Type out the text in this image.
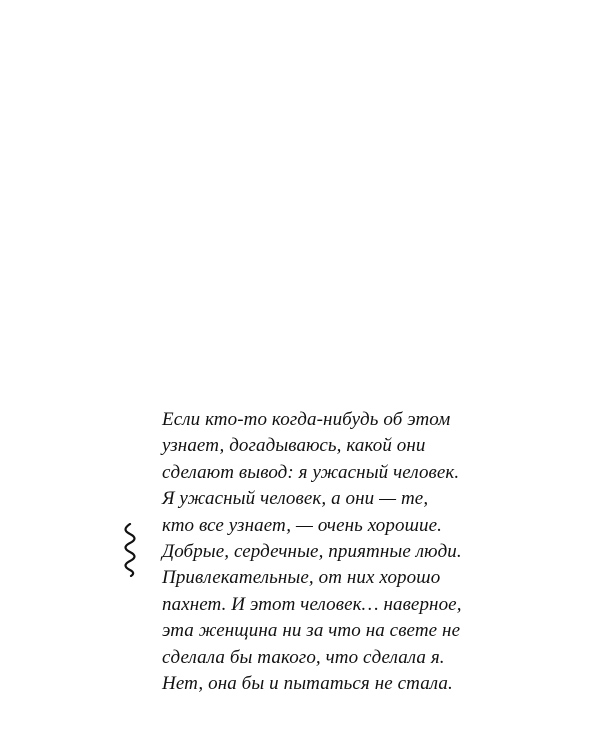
Если кто-то когда-нибудь об этом
узнает, догадываюсь, какой они
сделают вывод: я ужасный человек.
Я ужасный человек, а они — те,
кто все узнает, — очень хорошие.
Добрые, сердечные, приятные люди.
Привлекательные, от них хорошо
пахнет. И этот человек… наверное,
эта женщина ни за что на свете не
сделала бы такого, что сделала я.
Нет, она бы и пытаться не стала.
